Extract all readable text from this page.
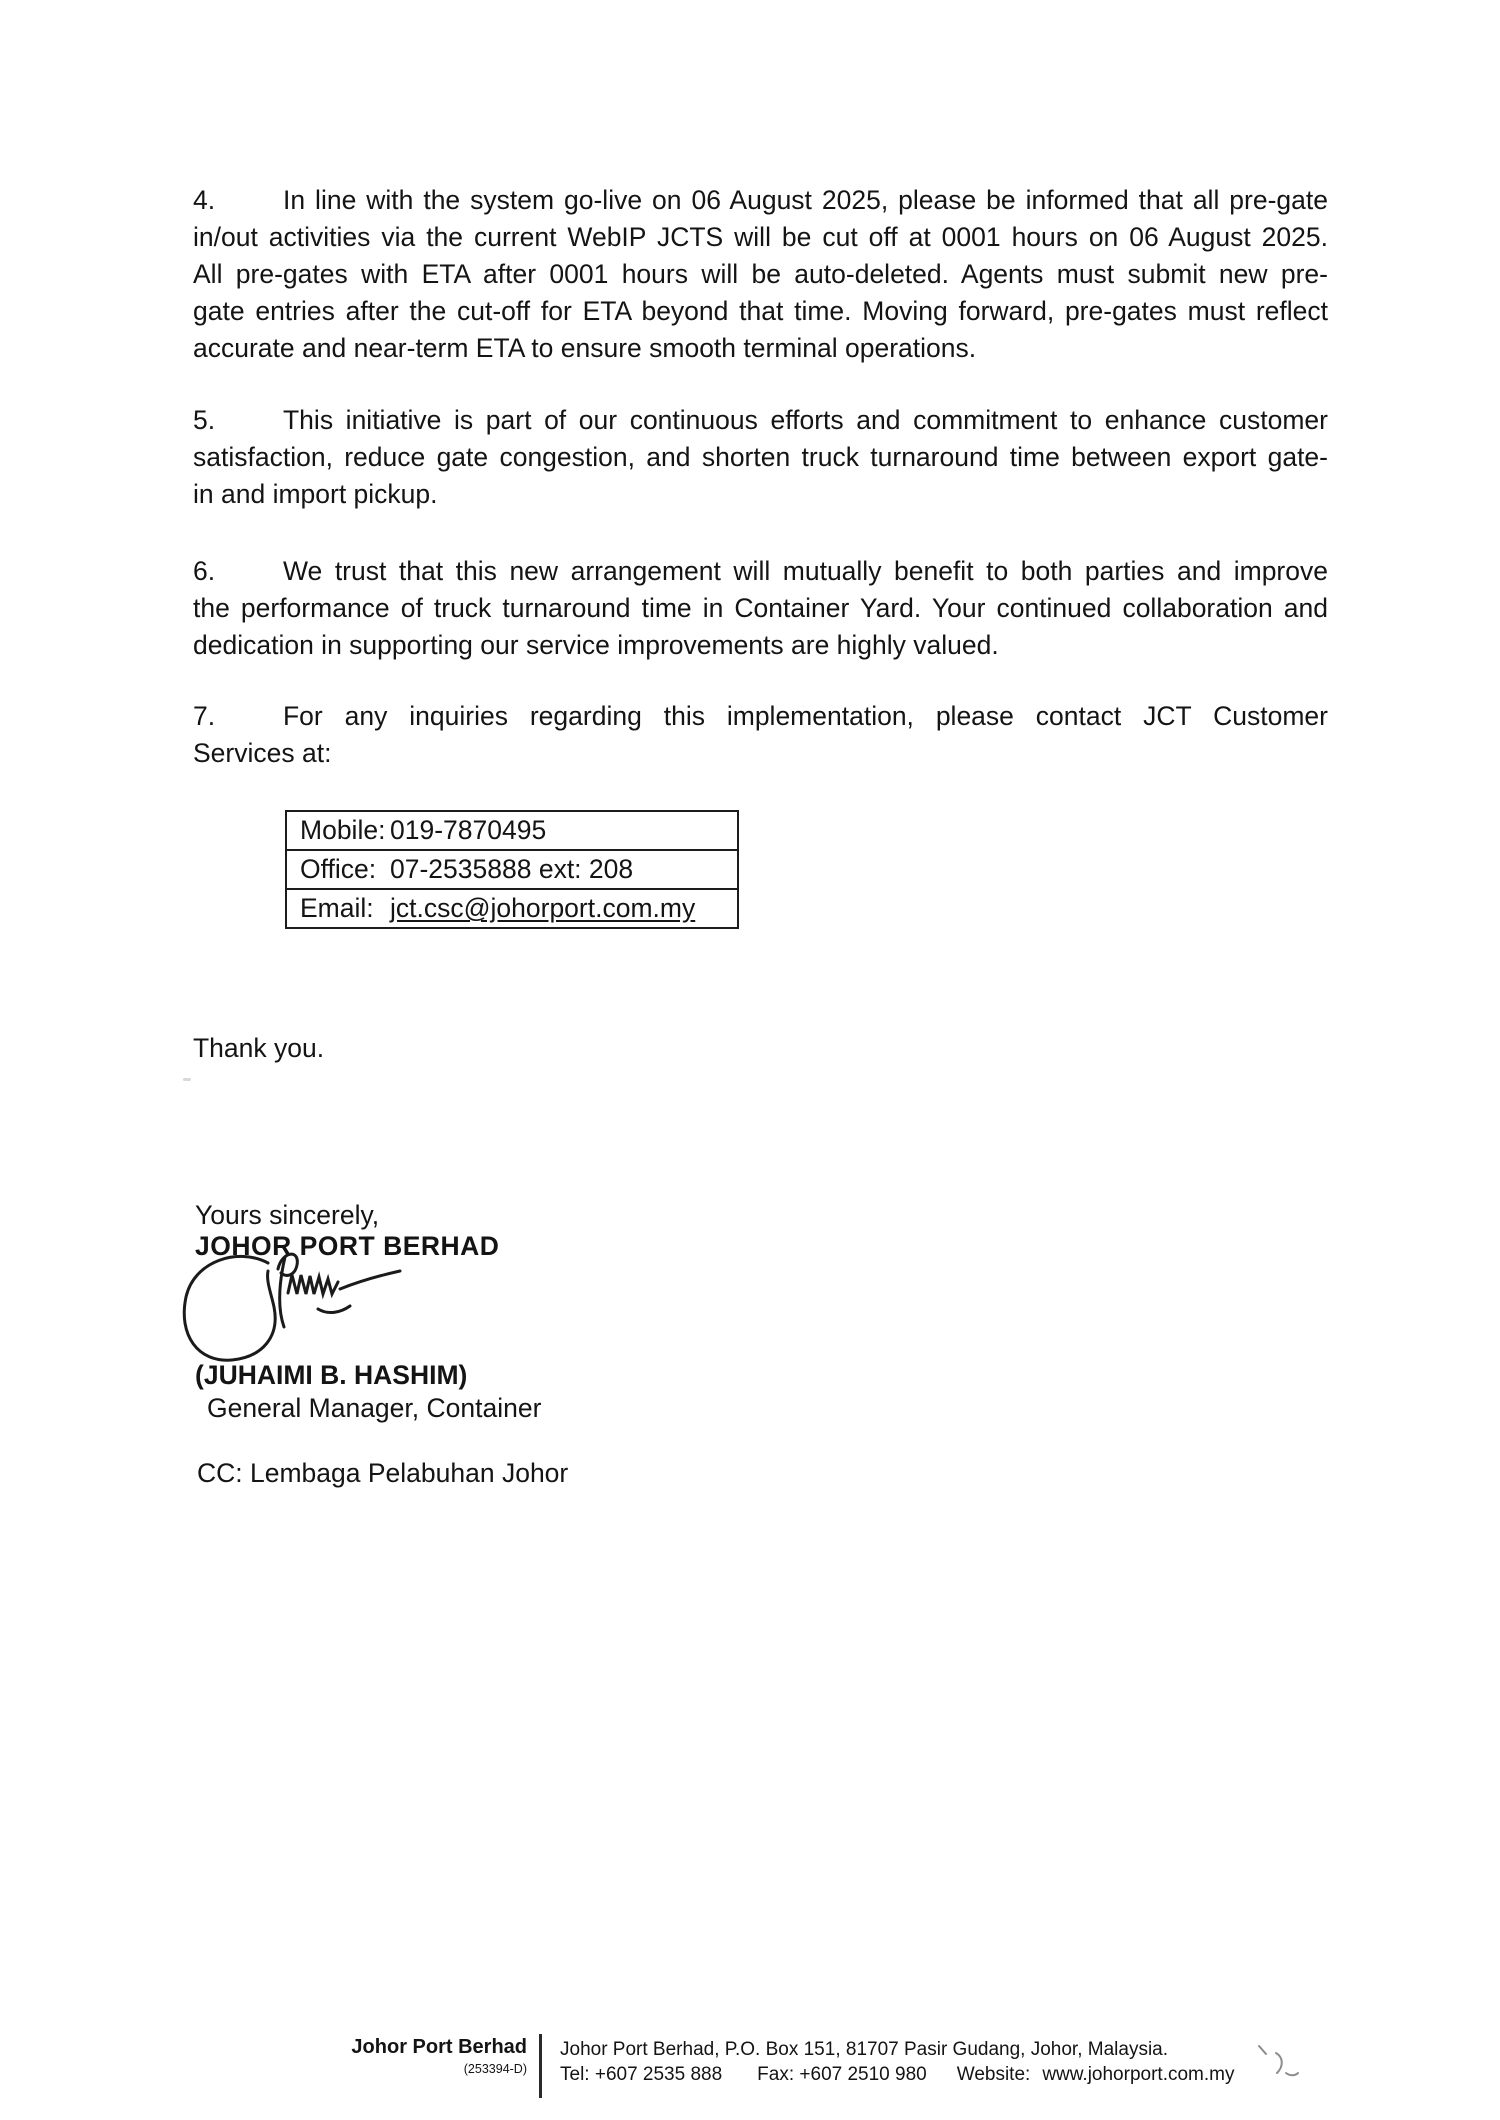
4.	In line with the system go-live on 06 August 2025, please be informed that all pre-gate
in/out activities via the current WebIP JCTS will be cut off at 0001 hours on 06 August 2025.
All pre-gates with ETA after 0001 hours will be auto-deleted. Agents must submit new pre-
gate entries after the cut-off for ETA beyond that time. Moving forward, pre-gates must reflect
accurate and near-term ETA to ensure smooth terminal operations.
5.	This initiative is part of our continuous efforts and commitment to enhance customer
satisfaction, reduce gate congestion, and shorten truck turnaround time between export gate-
in and import pickup.
6.	We trust that this new arrangement will mutually benefit to both parties and improve
the performance of truck turnaround time in Container Yard. Your continued collaboration and
dedication in supporting our service improvements are highly valued.
7.	For any inquiries regarding this implementation, please contact JCT Customer
Services at:
Mobile: 019-7870495
Office: 07-2535888 ext: 208
Email: jct.csc@johorport.com.my
Thank you.
Yours sincerely,
JOHOR PORT BERHAD
(JUHAIMI B. HASHIM)
General Manager, Container
CC: Lembaga Pelabuhan Johor
Johor Port Berhad
(253394-D)
Johor Port Berhad, P.O. Box 151, 81707 Pasir Gudang, Johor, Malaysia.
Tel: +607 2535 888 Fax: +607 2510 980 Website: www.johorport.com.my
